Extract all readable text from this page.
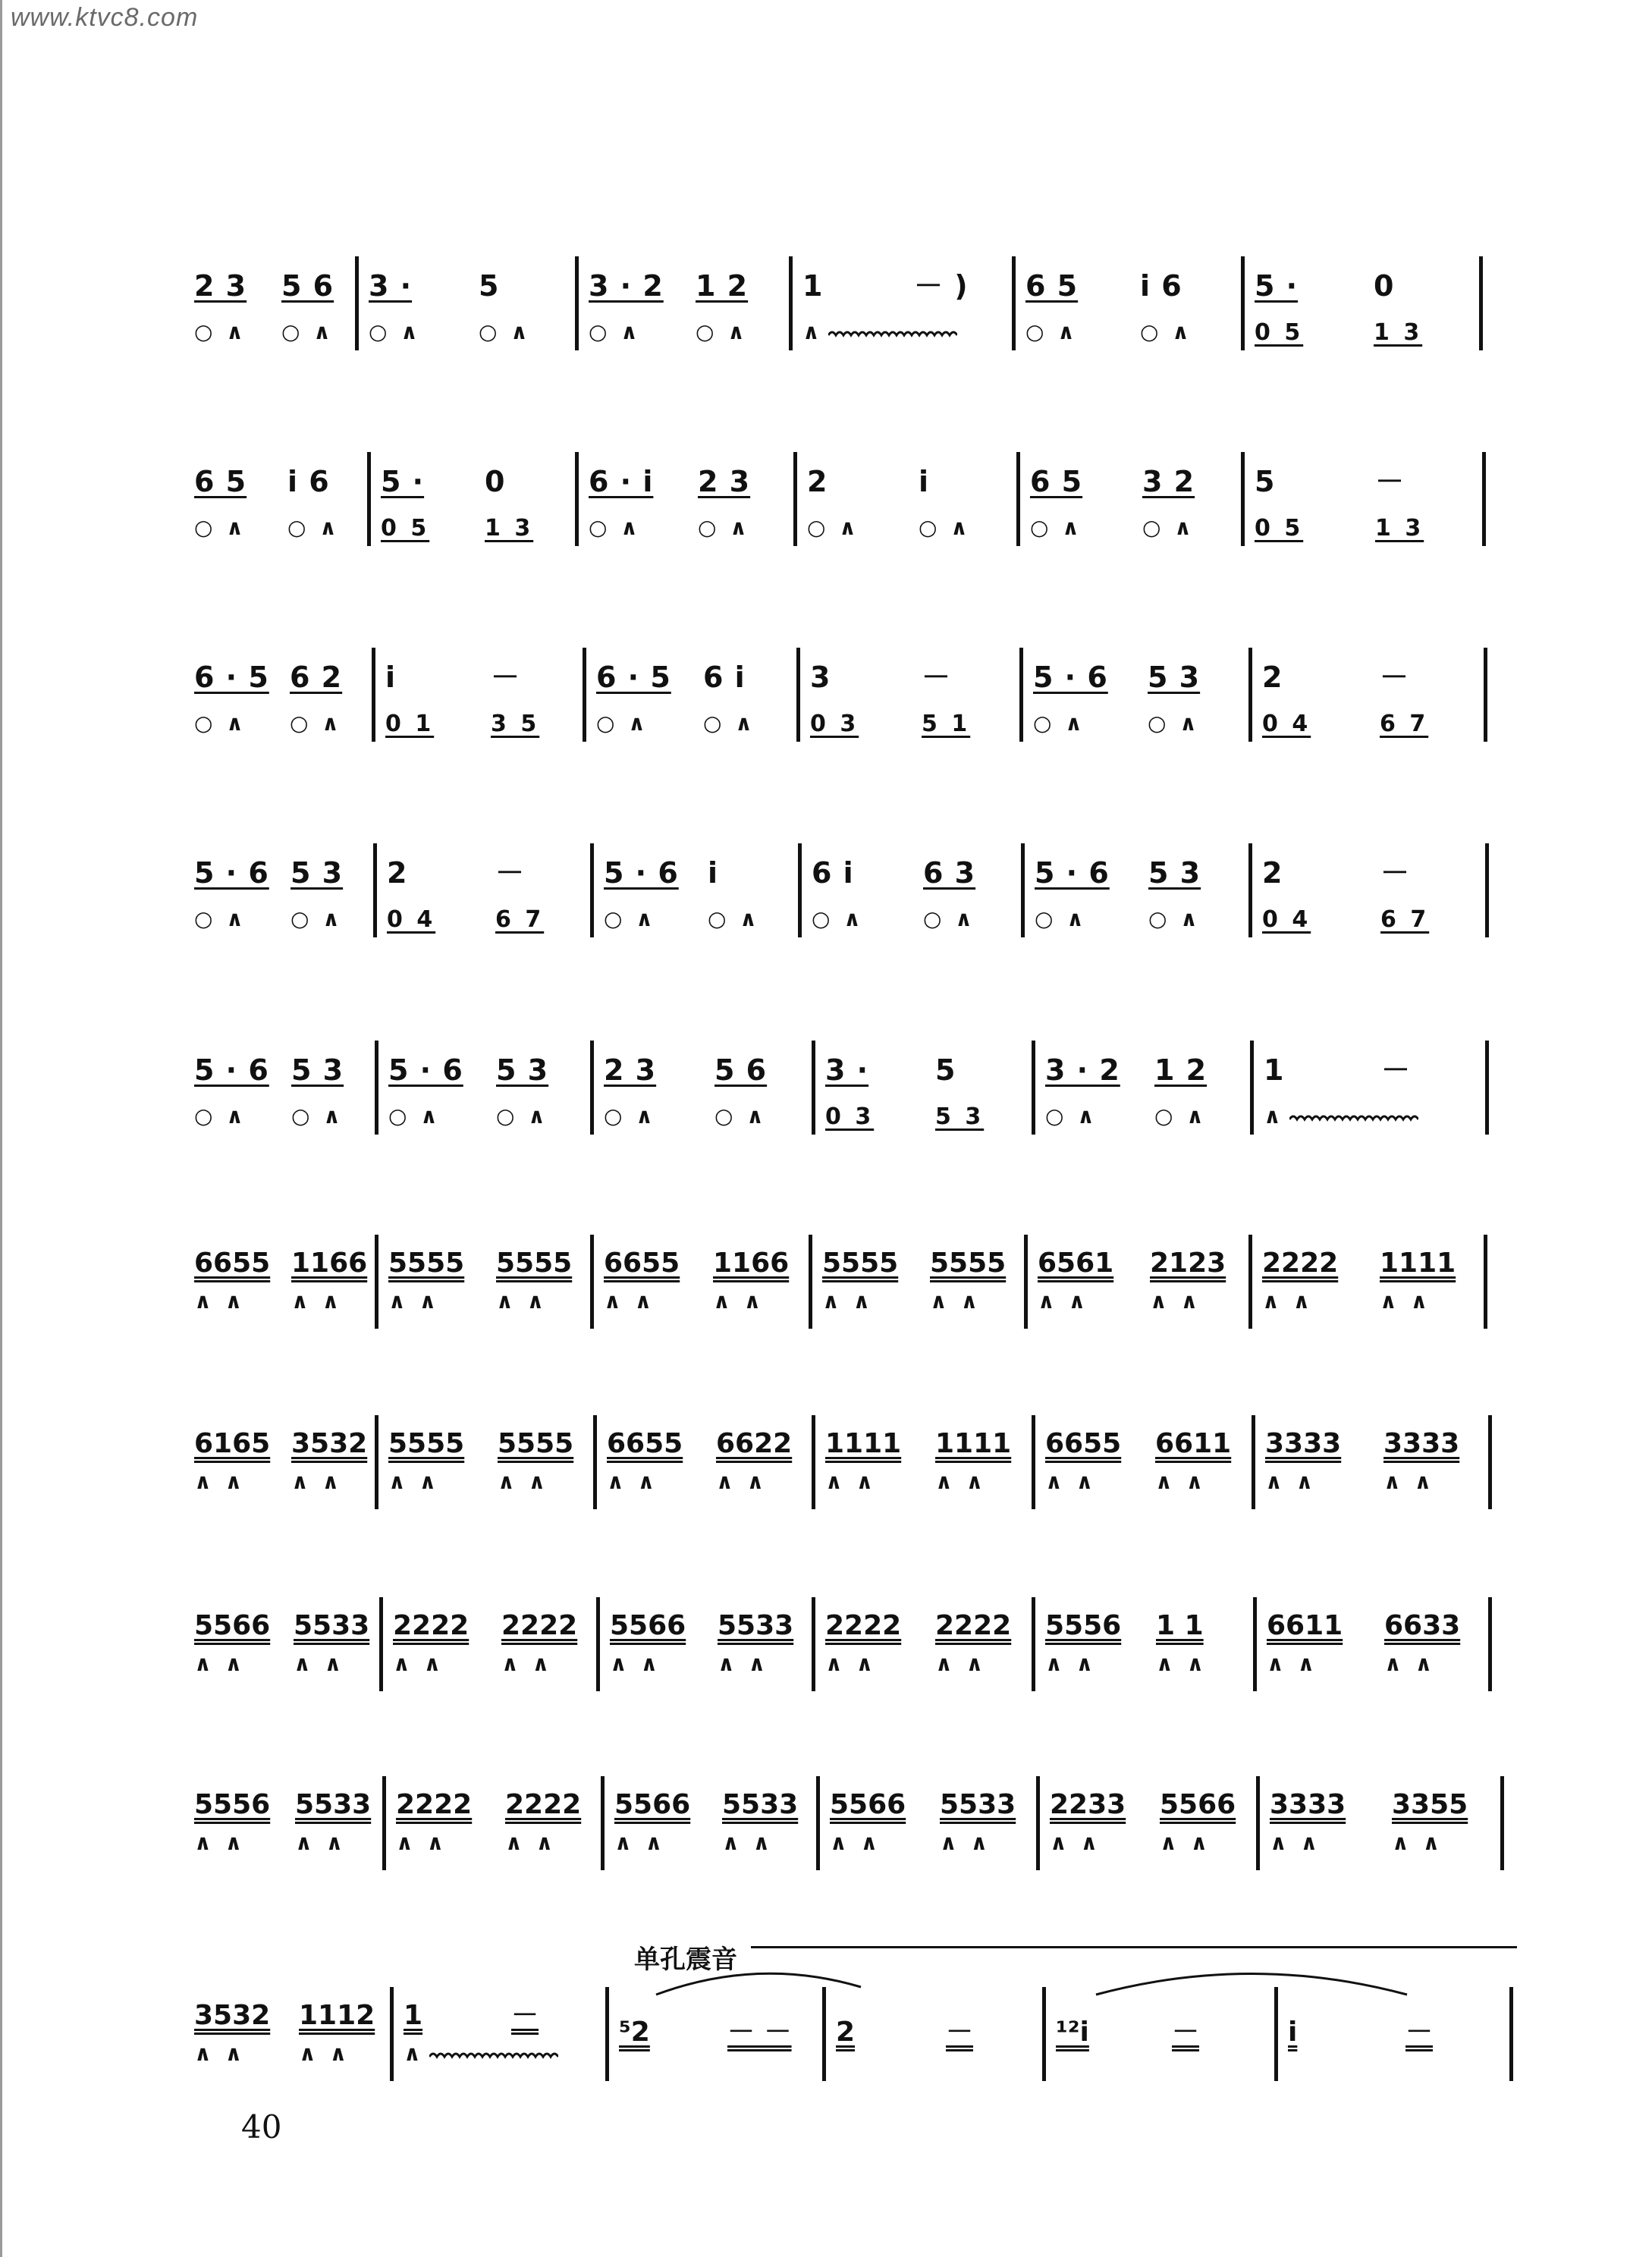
www.ktvc8.com
2 3 5 6
○ ∧ ○ ∧
3 · 5
○ ∧	○ ∧
3 · 2 1 2
○ ∧	○ ∧
1	－ )
∧
6 5 i 6
○ ∧	○ ∧
5 ·	0
0 5	1 3
6 5 i 6
○ ∧ ○ ∧
5 · 0
0 5 1 3
6 · i 2 3
○ ∧	○ ∧
2	i
○ ∧	○ ∧
6 5 3 2
○ ∧	○ ∧
5	－
0 5	1 3
6 · 5 6 2
○ ∧ ○ ∧
i	－
0 1 3 5
6 · 5 6 i
○ ∧	○ ∧
3	－
0 3	5 1
5 · 6 5 3
○ ∧	○ ∧
2	－
0 4	6 7
5 · 6 5 3
○ ∧ ○ ∧
2	－
0 4	6 7
5 · 6 i
○ ∧ ○ ∧
6 i 6 3
○ ∧	○ ∧
5 · 6 5 3
○ ∧	○ ∧
2	－
0 4	6 7
5 · 6 5 3
○ ∧ ○ ∧
5 · 6 5 3
○ ∧	○ ∧
2 3 5 6
○ ∧	○ ∧
3 · 5
0 3	5 3
3 · 2 1 2
○ ∧	○ ∧
1	－
∧
6655 1166
∧ ∧ ∧ ∧
5555 5555
∧ ∧	∧ ∧
6655 1166
∧ ∧	∧ ∧
5555 5555
∧ ∧	∧ ∧
6561 2123
∧ ∧	∧ ∧
2222 1111
∧ ∧	∧ ∧
6165 3532
∧ ∧ ∧ ∧
5555 5555
∧ ∧	∧ ∧
6655 6622
∧ ∧	∧ ∧
1111 1111
∧ ∧	∧ ∧
6655 6611
∧ ∧	∧ ∧
3333 3333
∧ ∧	∧ ∧
5566 5533
∧ ∧ ∧ ∧
2222 2222
∧ ∧	∧ ∧
5566 5533
∧ ∧	∧ ∧
2222 2222
∧ ∧	∧ ∧
5556 1 1
∧ ∧	∧ ∧
6611 6633
∧ ∧	∧ ∧
5556 5533
∧ ∧ ∧ ∧
2222 2222
∧ ∧	∧ ∧
5566 5533
∧ ∧	∧ ∧
5566 5533
∧ ∧	∧ ∧
2233 5566
∧ ∧	∧ ∧
3333 3355
∧ ∧	∧ ∧
3532 1112
∧ ∧	∧ ∧
1	－
∧
⁵2	－ － 2	－	¹²i	－	i	－
单孔震音
40
